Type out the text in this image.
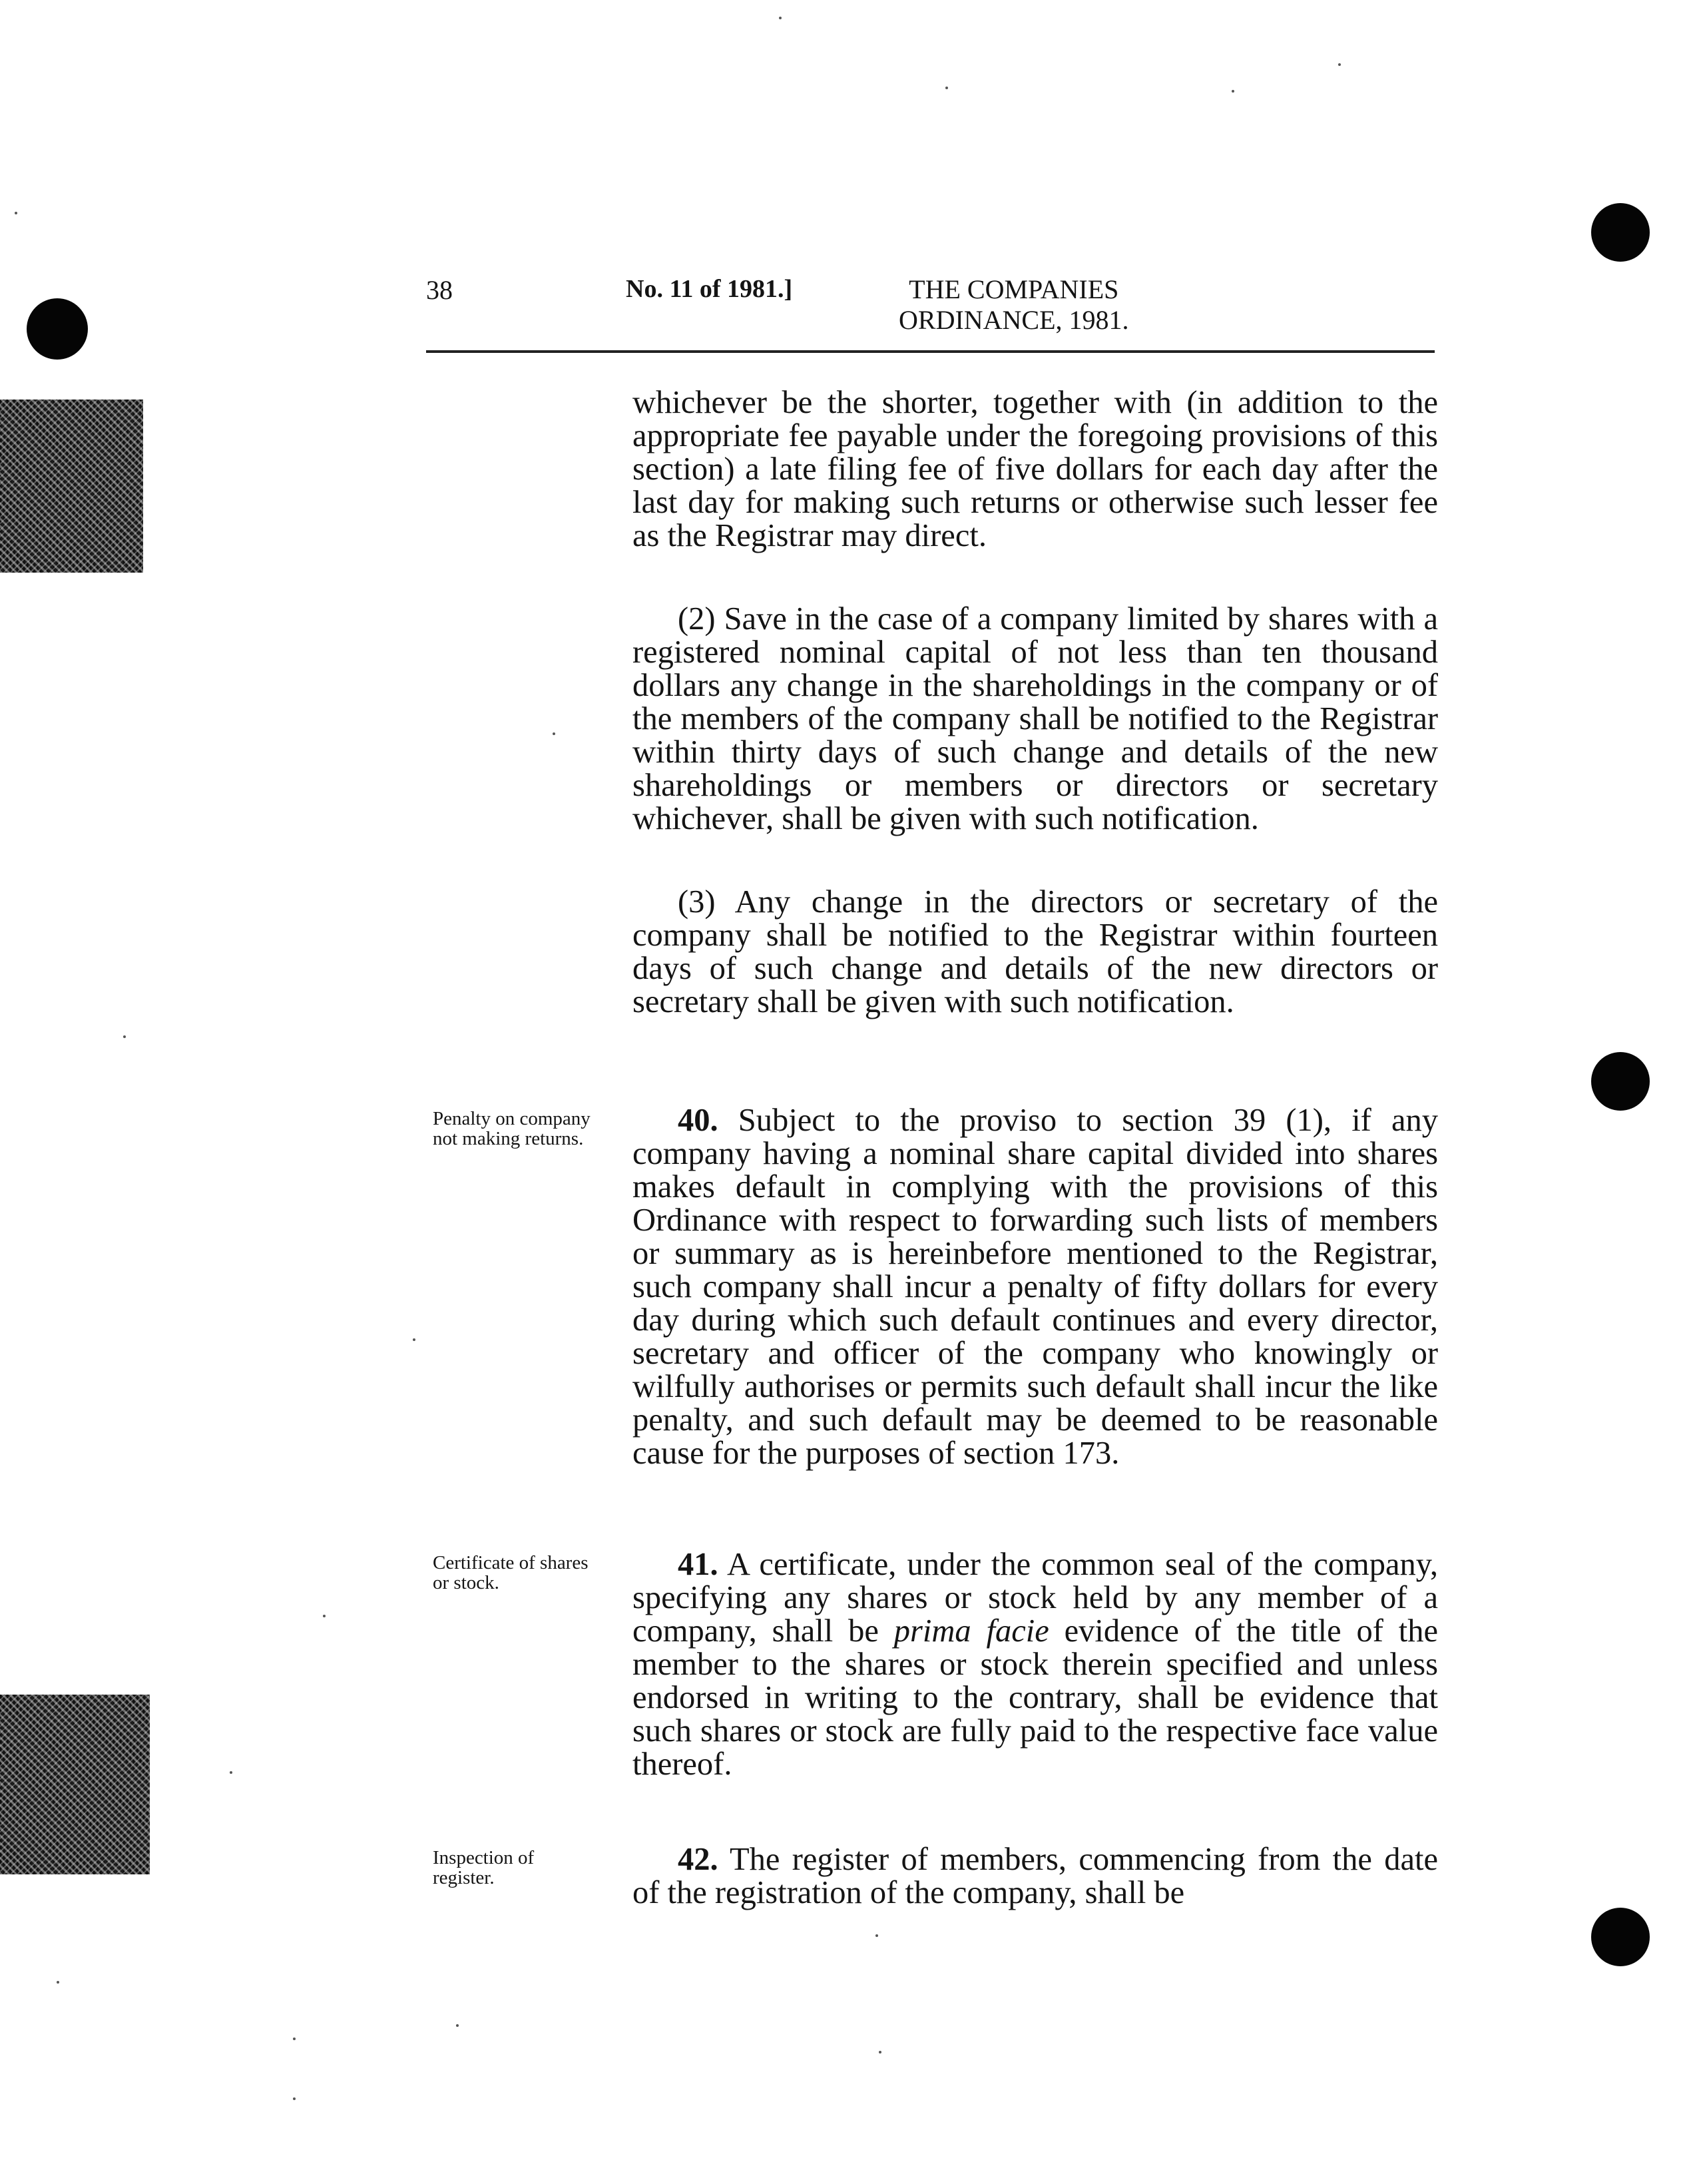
38	No. 11 of 1981.]	THE COMPANIES
ORDINANCE, 1981.

whichever be the shorter, together with (in addition to the appropriate fee payable under the foregoing provisions of this section) a late filing fee of five dollars for each day after the last day for making such returns or otherwise such lesser fee as the Registrar may direct.

(2) Save in the case of a company limited by shares with a registered nominal capital of not less than ten thousand dollars any change in the shareholdings in the company or of the members of the company shall be notified to the Registrar within thirty days of such change and details of the new shareholdings or members or directors or secretary whichever, shall be given with such notification.

(3) Any change in the directors or secretary of the company shall be notified to the Registrar within fourteen days of such change and details of the new directors or secretary shall be given with such notification.

Penalty on company not making returns.

40. Subject to the proviso to section 39 (1), if any company having a nominal share capital divided into shares makes default in complying with the provisions of this Ordinance with respect to forwarding such lists of members or summary as is hereinbefore mentioned to the Registrar, such company shall incur a penalty of fifty dollars for every day during which such default continues and every director, secretary and officer of the company who knowingly or wilfully authorises or permits such default shall incur the like penalty, and such default may be deemed to be reasonable cause for the purposes of section 173.

Certificate of shares or stock.

41. A certificate, under the common seal of the company, specifying any shares or stock held by any member of a company, shall be prima facie evidence of the title of the member to the shares or stock therein specified and unless endorsed in writing to the contrary, shall be evidence that such shares or stock are fully paid to the respective face value thereof.

Inspection of register.

42. The register of members, commencing from the date of the registration of the company, shall be
